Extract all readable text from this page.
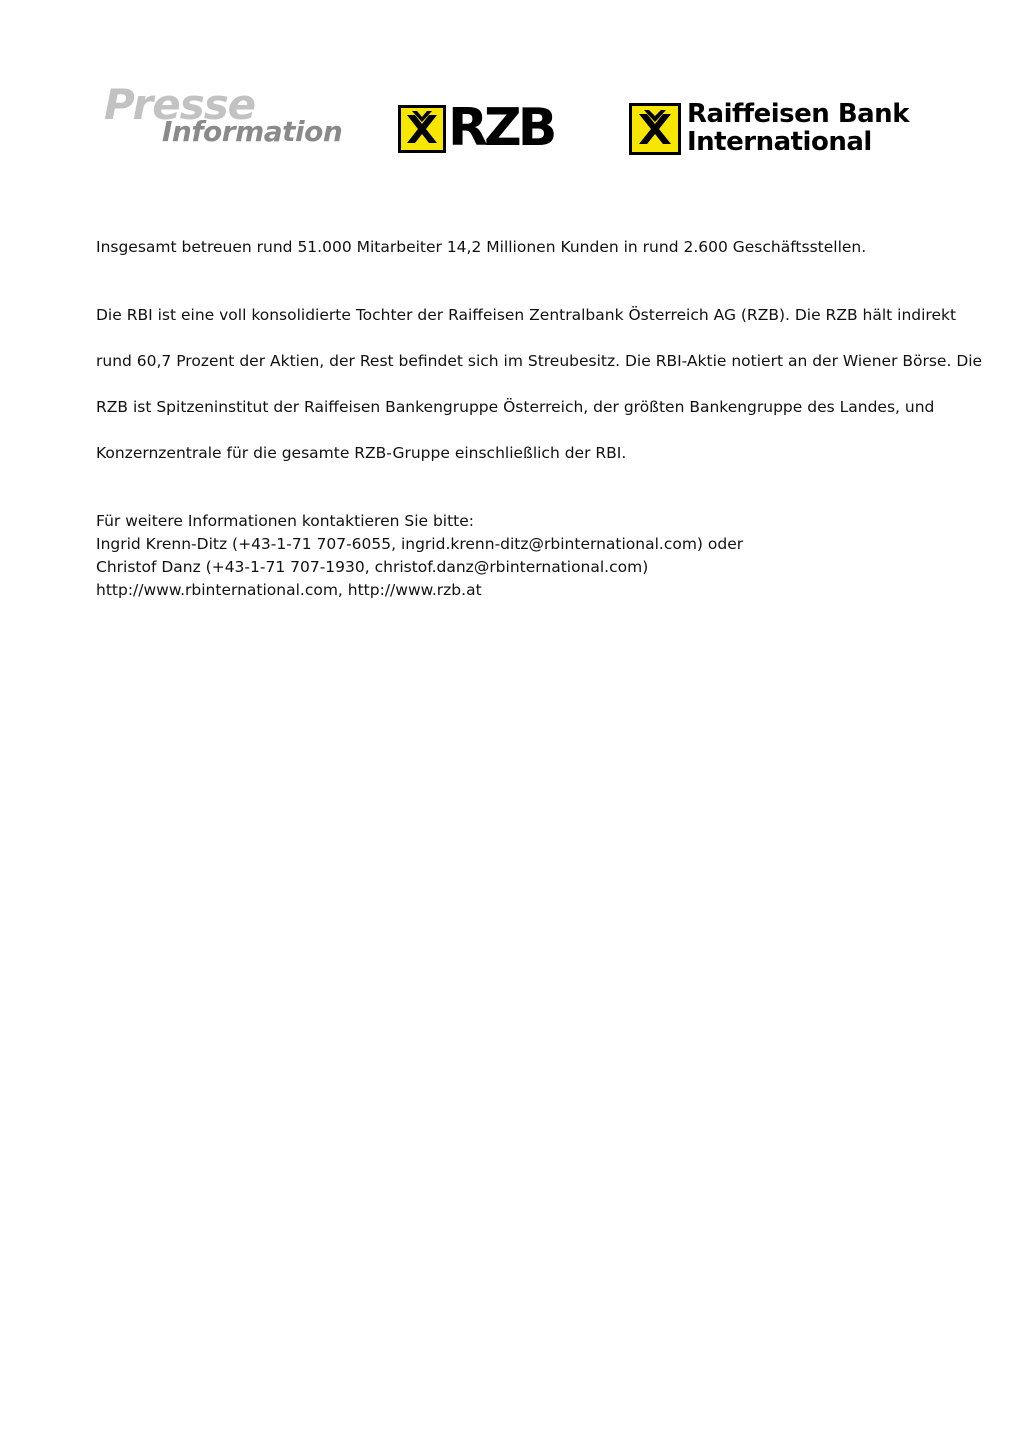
Presse
Information RZB	Raiffeisen Bank
International

Insgesamt betreuen rund 51.000 Mitarbeiter 14,2 Millionen Kunden in rund 2.600 Geschäftsstellen.

Die RBI ist eine voll konsolidierte Tochter der Raiffeisen Zentralbank Österreich AG (RZB). Die RZB hält indirekt

rund 60,7 Prozent der Aktien, der Rest befindet sich im Streubesitz. Die RBI-Aktie notiert an der Wiener Börse. Die

RZB ist Spitzeninstitut der Raiffeisen Bankengruppe Österreich, der größten Bankengruppe des Landes, und

Konzernzentrale für die gesamte RZB-Gruppe einschließlich der RBI.

Für weitere Informationen kontaktieren Sie bitte:
Ingrid Krenn-Ditz (+43-1-71 707-6055, ingrid.krenn-ditz@rbinternational.com) oder
Christof Danz (+43-1-71 707-1930, christof.danz@rbinternational.com)
http://www.rbinternational.com, http://www.rzb.at
